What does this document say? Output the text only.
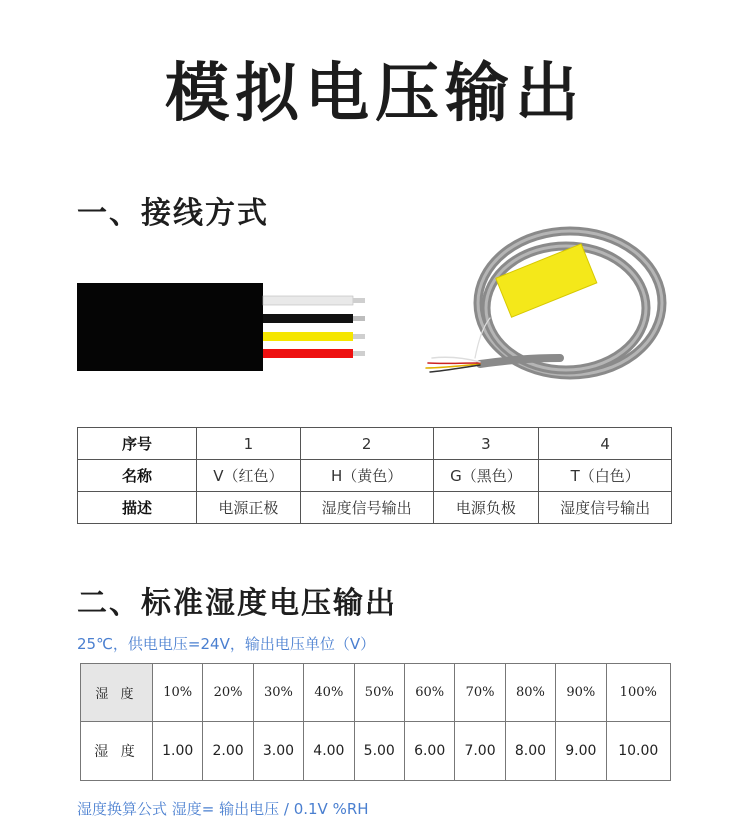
模拟电压输出
一、接线方式
序号	1	2	3	4
名称	V（红色）	H（黄色）	G（黑色）	T（白色）
描述	电源正极	湿度信号输出	电源负极	湿度信号输出
二、标准湿度电压输出
25℃，供电电压=24V，输出电压单位（V）
湿 度	10%	20%	30%	40%	50%	60%	70%	80%	90%	100%
湿 度	1.00	2.00	3.00	4.00	5.00	6.00	7.00	8.00	9.00	10.00
湿度换算公式 湿度= 输出电压 / 0.1V %RH
